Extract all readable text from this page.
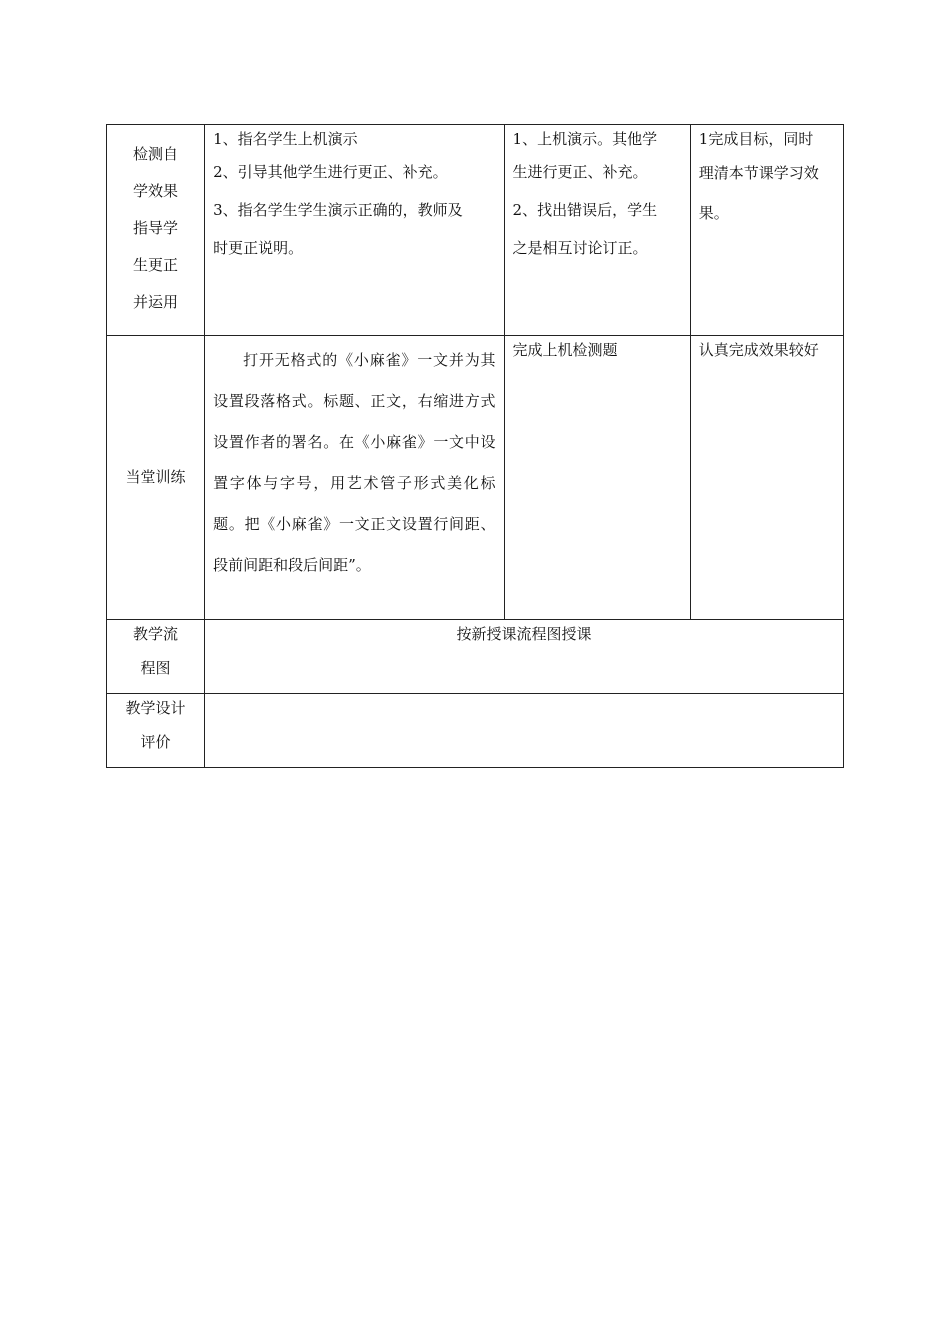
检测自
学效果
指导学
生更正
并运用	1、指名学生上机演示
2、引导其他学生进行更正、补充。
3、指名学生学生演示正确的，教师及
时更正说明。	1、上机演示。其他学
生进行更正、补充。
2、找出错误后，学生
之是相互讨论订正。	1完成目标，同时
理清本节课学习效
果。

当堂训练	打开无格式的《小麻雀》一文并为其设置段落格式。标题、正文，右缩进方式设置作者的署名。在《小麻雀》一文中设置字体与字号，用艺术管子形式美化标题。把《小麻雀》一文正文设置行间距、段前间距和段后间距”。	完成上机检测题	认真完成效果较好

教学流
程图	按新授课流程图授课		

教学设计
评价			
